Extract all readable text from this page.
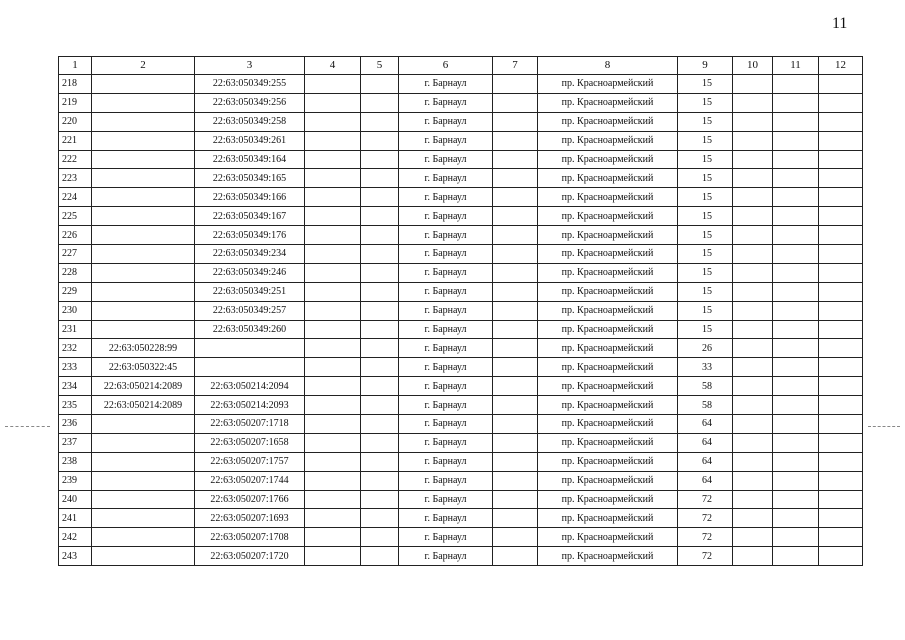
11
1	2	3	4	5	6	7	8	9	10	11	12
218		22:63:050349:255			г. Барнаул		пр. Красноармейский	15			
219		22:63:050349:256			г. Барнаул		пр. Красноармейский	15			
220		22:63:050349:258			г. Барнаул		пр. Красноармейский	15			
221		22:63:050349:261			г. Барнаул		пр. Красноармейский	15			
222		22:63:050349:164			г. Барнаул		пр. Красноармейский	15			
223		22:63:050349:165			г. Барнаул		пр. Красноармейский	15			
224		22:63:050349:166			г. Барнаул		пр. Красноармейский	15			
225		22:63:050349:167			г. Барнаул		пр. Красноармейский	15			
226		22:63:050349:176			г. Барнаул		пр. Красноармейский	15			
227		22:63:050349:234			г. Барнаул		пр. Красноармейский	15			
228		22:63:050349:246			г. Барнаул		пр. Красноармейский	15			
229		22:63:050349:251			г. Барнаул		пр. Красноармейский	15			
230		22:63:050349:257			г. Барнаул		пр. Красноармейский	15			
231		22:63:050349:260			г. Барнаул		пр. Красноармейский	15			
232	22:63:050228:99				г. Барнаул		пр. Красноармейский	26			
233	22:63:050322:45				г. Барнаул		пр. Красноармейский	33			
234	22:63:050214:2089	22:63:050214:2094			г. Барнаул		пр. Красноармейский	58			
235	22:63:050214:2089	22:63:050214:2093			г. Барнаул		пр. Красноармейский	58			
236		22:63:050207:1718			г. Барнаул		пр. Красноармейский	64			
237		22:63:050207:1658			г. Барнаул		пр. Красноармейский	64			
238		22:63:050207:1757			г. Барнаул		пр. Красноармейский	64			
239		22:63:050207:1744			г. Барнаул		пр. Красноармейский	64			
240		22:63:050207:1766			г. Барнаул		пр. Красноармейский	72			
241		22:63:050207:1693			г. Барнаул		пр. Красноармейский	72			
242		22:63:050207:1708			г. Барнаул		пр. Красноармейский	72			
243		22:63:050207:1720			г. Барнаул		пр. Красноармейский	72			
